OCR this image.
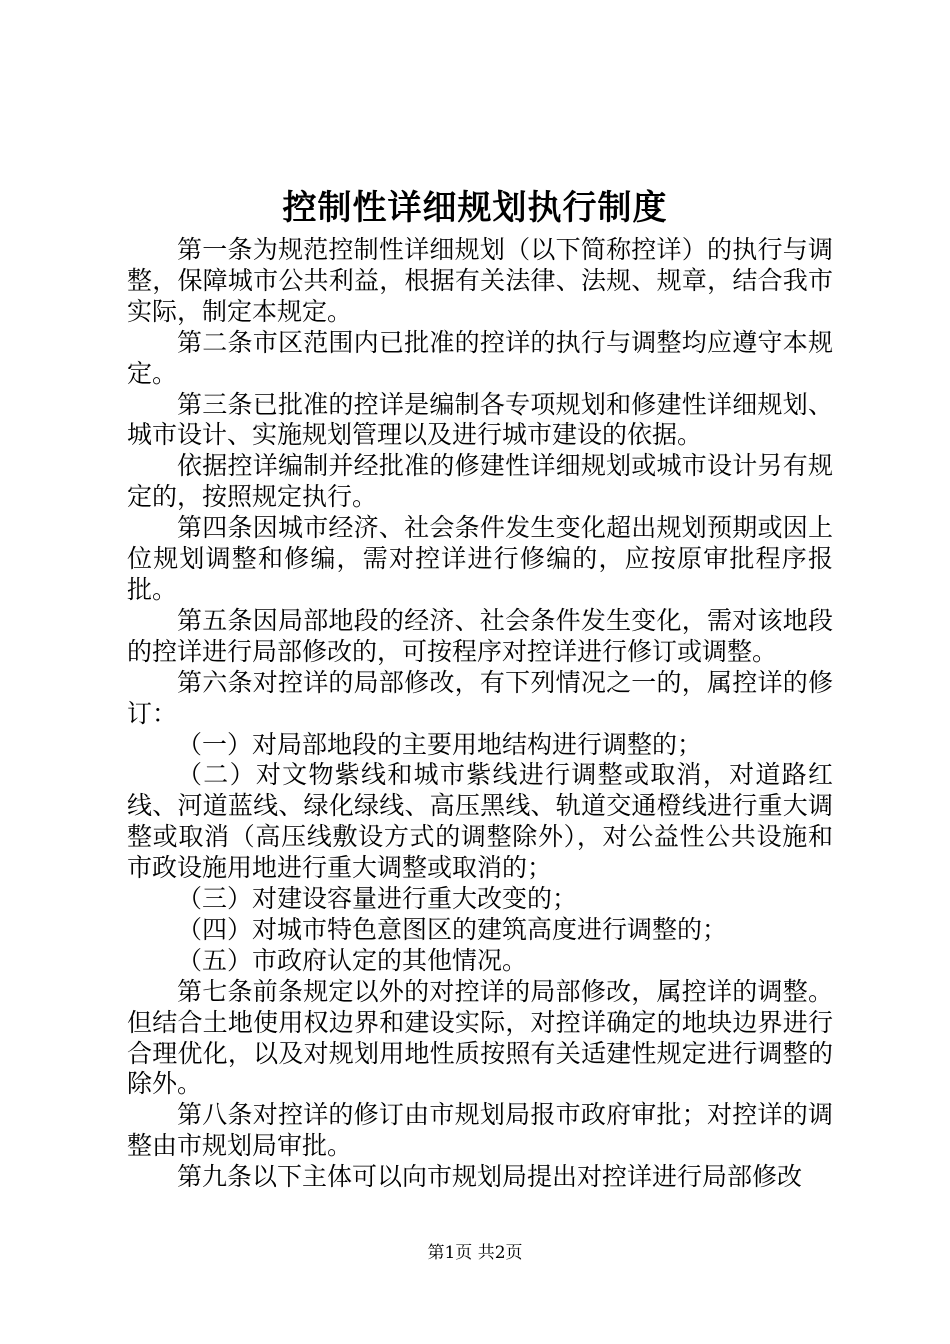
控制性详细规划执行制度

第一条为规范控制性详细规划（以下简称控详）的执行与调整，保障城市公共利益，根据有关法律、法规、规章，结合我市实际，制定本规定。

第二条市区范围内已批准的控详的执行与调整均应遵守本规定。

第三条已批准的控详是编制各专项规划和修建性详细规划、城市设计、实施规划管理以及进行城市建设的依据。

依据控详编制并经批准的修建性详细规划或城市设计另有规定的，按照规定执行。

第四条因城市经济、社会条件发生变化超出规划预期或因上位规划调整和修编，需对控详进行修编的，应按原审批程序报批。

第五条因局部地段的经济、社会条件发生变化，需对该地段的控详进行局部修改的，可按程序对控详进行修订或调整。

第六条对控详的局部修改，有下列情况之一的，属控详的修订：

（一）对局部地段的主要用地结构进行调整的；

（二）对文物紫线和城市紫线进行调整或取消，对道路红线、河道蓝线、绿化绿线、高压黑线、轨道交通橙线进行重大调整或取消（高压线敷设方式的调整除外），对公益性公共设施和市政设施用地进行重大调整或取消的；

（三）对建设容量进行重大改变的；

（四）对城市特色意图区的建筑高度进行调整的；

（五）市政府认定的其他情况。

第七条前条规定以外的对控详的局部修改，属控详的调整。但结合土地使用权边界和建设实际，对控详确定的地块边界进行合理优化，以及对规划用地性质按照有关适建性规定进行调整的除外。

第八条对控详的修订由市规划局报市政府审批；对控详的调整由市规划局审批。

第九条以下主体可以向市规划局提出对控详进行局部修改

第1页 共2页
